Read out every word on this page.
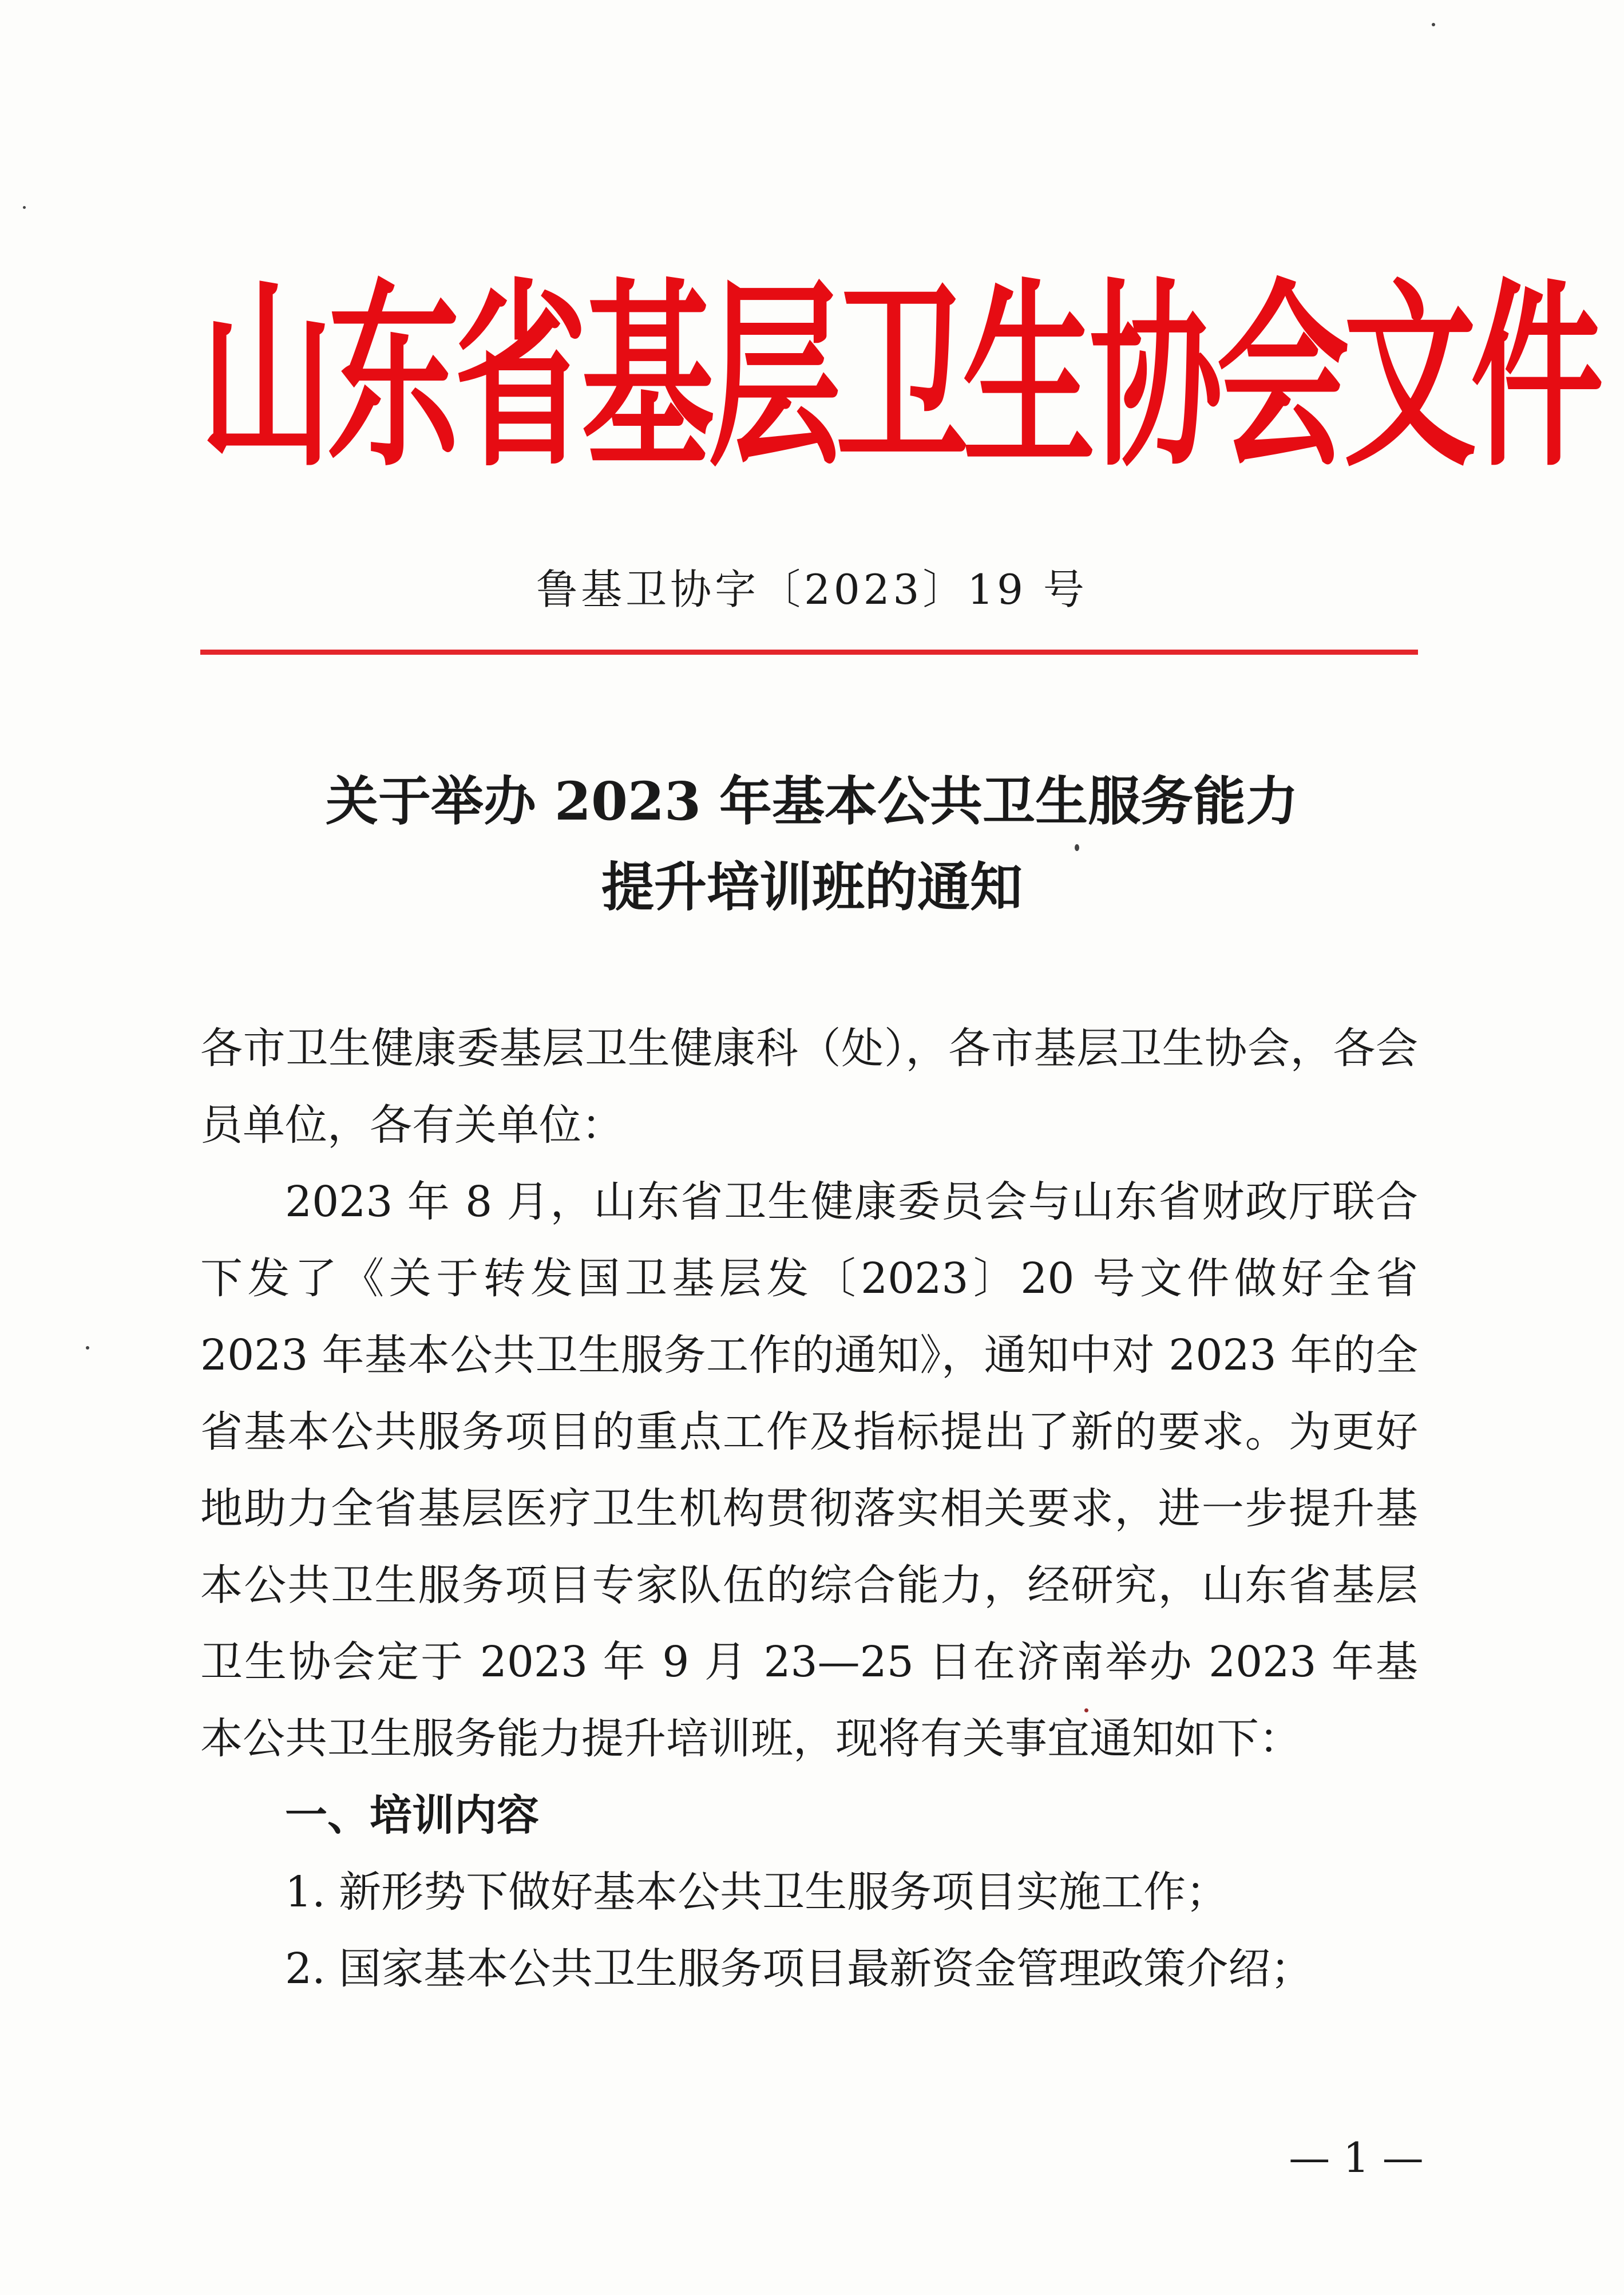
山东省基层卫生协会文件
鲁基卫协字〔2023〕19 号
关于举办 2023 年基本公共卫生服务能力
提升培训班的通知

各市卫生健康委基层卫生健康科（处），各市基层卫生协会，各会员单位，各有关单位：

2023 年 8 月，山东省卫生健康委员会与山东省财政厅联合下发了《关于转发国卫基层发〔2023〕20 号文件做好全省 2023 年基本公共卫生服务工作的通知》，通知中对 2023 年的全省基本公共服务项目的重点工作及指标提出了新的要求。为更好地助力全省基层医疗卫生机构贯彻落实相关要求，进一步提升基本公共卫生服务项目专家队伍的综合能力，经研究，山东省基层卫生协会定于 2023 年 9 月 23—25 日在济南举办 2023 年基本公共卫生服务能力提升培训班，现将有关事宜通知如下：

一、培训内容

1. 新形势下做好基本公共卫生服务项目实施工作；

2. 国家基本公共卫生服务项目最新资金管理政策介绍；

— 1 —
